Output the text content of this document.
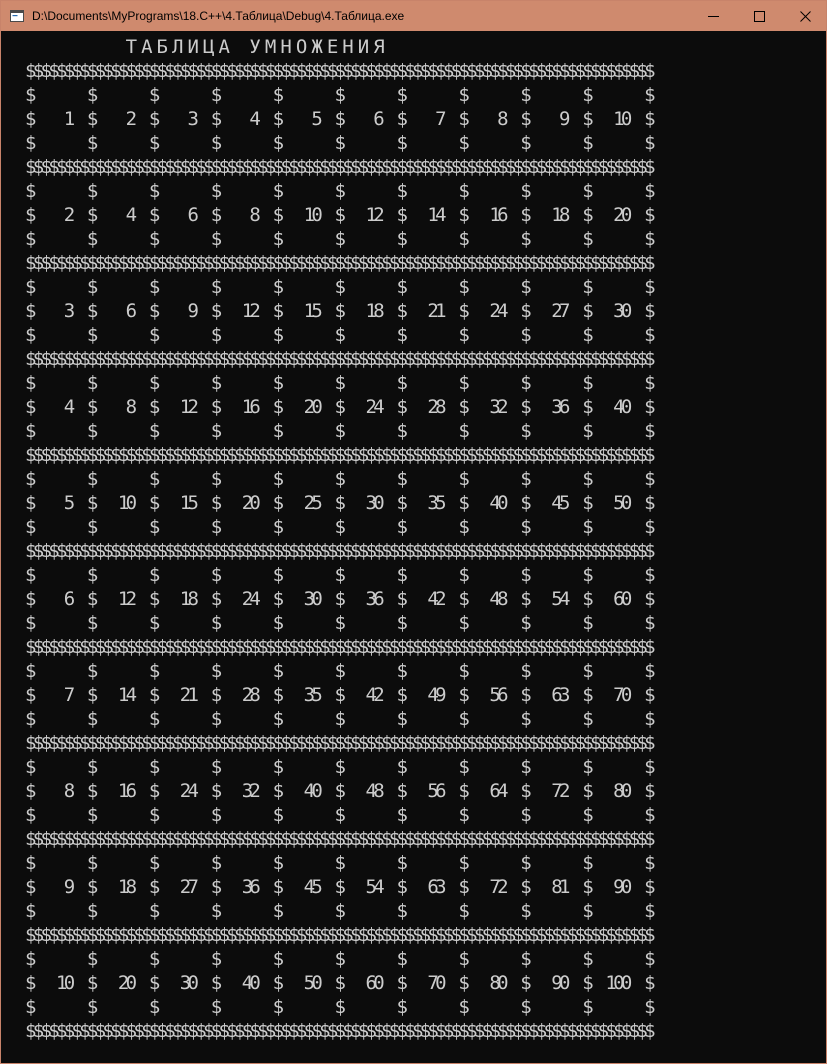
D:\Documents\MyPrograms\18.C++\4.Таблица\Debug\4.Таблица.exe
Т А Б Л И Ц А   У М Н О Ж Е Н И Я
$$$$$$$$$$$$$$$$$$$$$$$$$$$$$$$$$$$$$$$$$$$$$$$$$$$$$$$$$$$$$$$$$$$$$$$$$$$$$$$$$
$       $       $       $       $       $       $       $       $       $       $
$    1  $    2  $    3  $    4  $    5  $    6  $    7  $    8  $    9  $   10  $
$       $       $       $       $       $       $       $       $       $       $
$$$$$$$$$$$$$$$$$$$$$$$$$$$$$$$$$$$$$$$$$$$$$$$$$$$$$$$$$$$$$$$$$$$$$$$$$$$$$$$$$
$       $       $       $       $       $       $       $       $       $       $
$    2  $    4  $    6  $    8  $   10  $   12  $   14  $   16  $   18  $   20  $
$       $       $       $       $       $       $       $       $       $       $
$$$$$$$$$$$$$$$$$$$$$$$$$$$$$$$$$$$$$$$$$$$$$$$$$$$$$$$$$$$$$$$$$$$$$$$$$$$$$$$$$
$       $       $       $       $       $       $       $       $       $       $
$    3  $    6  $    9  $   12  $   15  $   18  $   21  $   24  $   27  $   30  $
$       $       $       $       $       $       $       $       $       $       $
$$$$$$$$$$$$$$$$$$$$$$$$$$$$$$$$$$$$$$$$$$$$$$$$$$$$$$$$$$$$$$$$$$$$$$$$$$$$$$$$$
$       $       $       $       $       $       $       $       $       $       $
$    4  $    8  $   12  $   16  $   20  $   24  $   28  $   32  $   36  $   40  $
$       $       $       $       $       $       $       $       $       $       $
$$$$$$$$$$$$$$$$$$$$$$$$$$$$$$$$$$$$$$$$$$$$$$$$$$$$$$$$$$$$$$$$$$$$$$$$$$$$$$$$$
$       $       $       $       $       $       $       $       $       $       $
$    5  $   10  $   15  $   20  $   25  $   30  $   35  $   40  $   45  $   50  $
$       $       $       $       $       $       $       $       $       $       $
$$$$$$$$$$$$$$$$$$$$$$$$$$$$$$$$$$$$$$$$$$$$$$$$$$$$$$$$$$$$$$$$$$$$$$$$$$$$$$$$$
$       $       $       $       $       $       $       $       $       $       $
$    6  $   12  $   18  $   24  $   30  $   36  $   42  $   48  $   54  $   60  $
$       $       $       $       $       $       $       $       $       $       $
$$$$$$$$$$$$$$$$$$$$$$$$$$$$$$$$$$$$$$$$$$$$$$$$$$$$$$$$$$$$$$$$$$$$$$$$$$$$$$$$$
$       $       $       $       $       $       $       $       $       $       $
$    7  $   14  $   21  $   28  $   35  $   42  $   49  $   56  $   63  $   70  $
$       $       $       $       $       $       $       $       $       $       $
$$$$$$$$$$$$$$$$$$$$$$$$$$$$$$$$$$$$$$$$$$$$$$$$$$$$$$$$$$$$$$$$$$$$$$$$$$$$$$$$$
$       $       $       $       $       $       $       $       $       $       $
$    8  $   16  $   24  $   32  $   40  $   48  $   56  $   64  $   72  $   80  $
$       $       $       $       $       $       $       $       $       $       $
$$$$$$$$$$$$$$$$$$$$$$$$$$$$$$$$$$$$$$$$$$$$$$$$$$$$$$$$$$$$$$$$$$$$$$$$$$$$$$$$$
$       $       $       $       $       $       $       $       $       $       $
$    9  $   18  $   27  $   36  $   45  $   54  $   63  $   72  $   81  $   90  $
$       $       $       $       $       $       $       $       $       $       $
$$$$$$$$$$$$$$$$$$$$$$$$$$$$$$$$$$$$$$$$$$$$$$$$$$$$$$$$$$$$$$$$$$$$$$$$$$$$$$$$$
$       $       $       $       $       $       $       $       $       $       $
$   10  $   20  $   30  $   40  $   50  $   60  $   70  $   80  $   90  $  100  $
$       $       $       $       $       $       $       $       $       $       $
$$$$$$$$$$$$$$$$$$$$$$$$$$$$$$$$$$$$$$$$$$$$$$$$$$$$$$$$$$$$$$$$$$$$$$$$$$$$$$$$$
